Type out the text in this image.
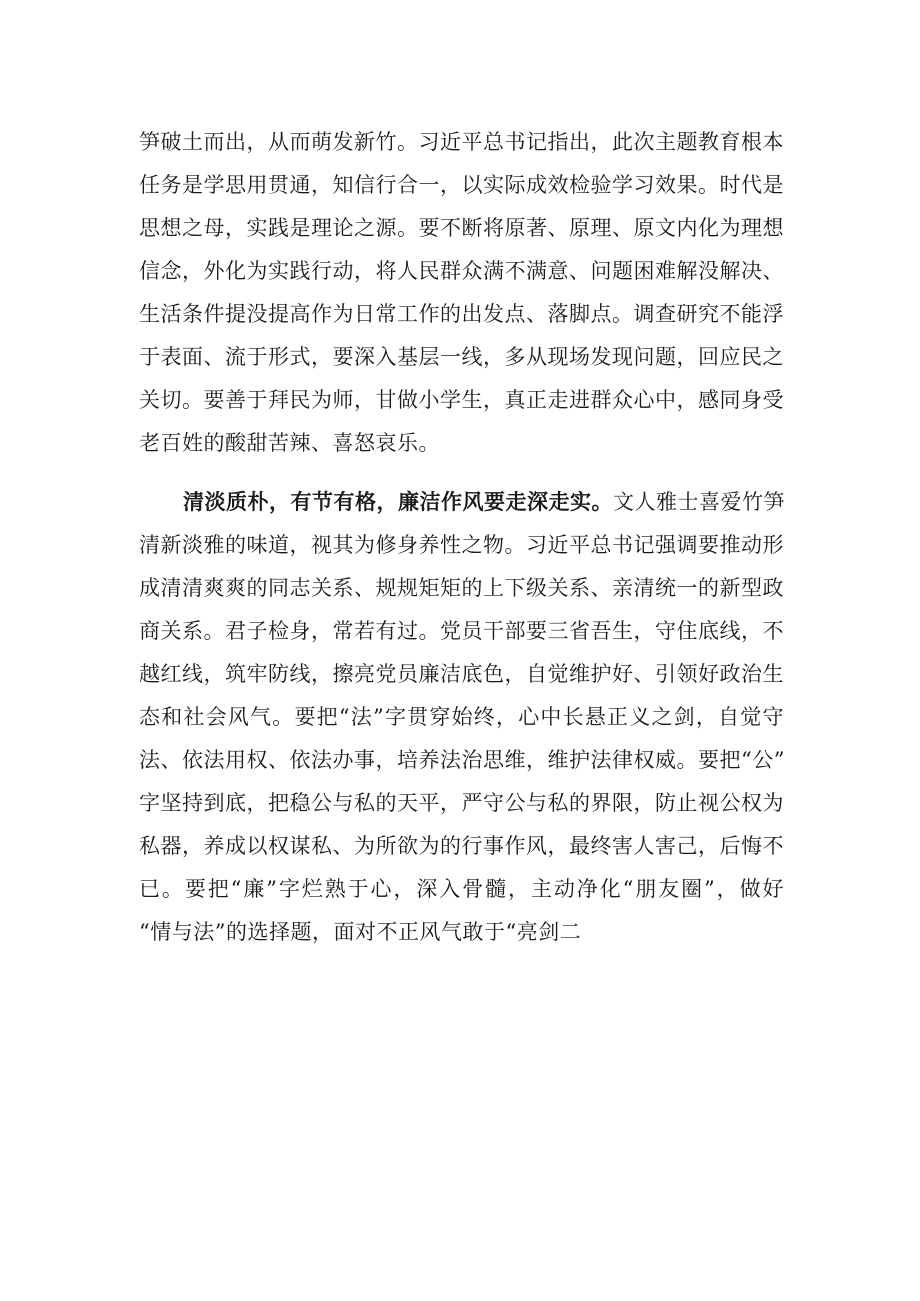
笋破土而出，从而萌发新竹。习近平总书记指出，此次主题教育根本
任务是学思用贯通，知信行合一，以实际成效检验学习效果。时代是
思想之母，实践是理论之源。要不断将原著、原理、原文内化为理想
信念，外化为实践行动，将人民群众满不满意、问题困难解没解决、
生活条件提没提高作为日常工作的出发点、落脚点。调查研究不能浮
于表面、流于形式，要深入基层一线，多从现场发现问题，回应民之
关切。要善于拜民为师，甘做小学生，真正走进群众心中，感同身受
老百姓的酸甜苦辣、喜怒哀乐。
清淡质朴，有节有格，廉洁作风要走深走实。文人雅士喜爱竹笋
清新淡雅的味道，视其为修身养性之物。习近平总书记强调要推动形
成清清爽爽的同志关系、规规矩矩的上下级关系、亲清统一的新型政
商关系。君子检身，常若有过。党员干部要三省吾生，守住底线，不
越红线，筑牢防线，擦亮党员廉洁底色，自觉维护好、引领好政治生
态和社会风气。要把“法”字贯穿始终，心中长悬正义之剑，自觉守
法、依法用权、依法办事，培养法治思维，维护法律权威。要把“公”
字坚持到底，把稳公与私的天平，严守公与私的界限，防止视公权为
私器，养成以权谋私、为所欲为的行事作风，最终害人害己，后悔不
已。要把“廉”字烂熟于心，深入骨髓，主动净化“朋友圈”，做好
“情与法”的选择题，面对不正风气敢于“亮剑二
